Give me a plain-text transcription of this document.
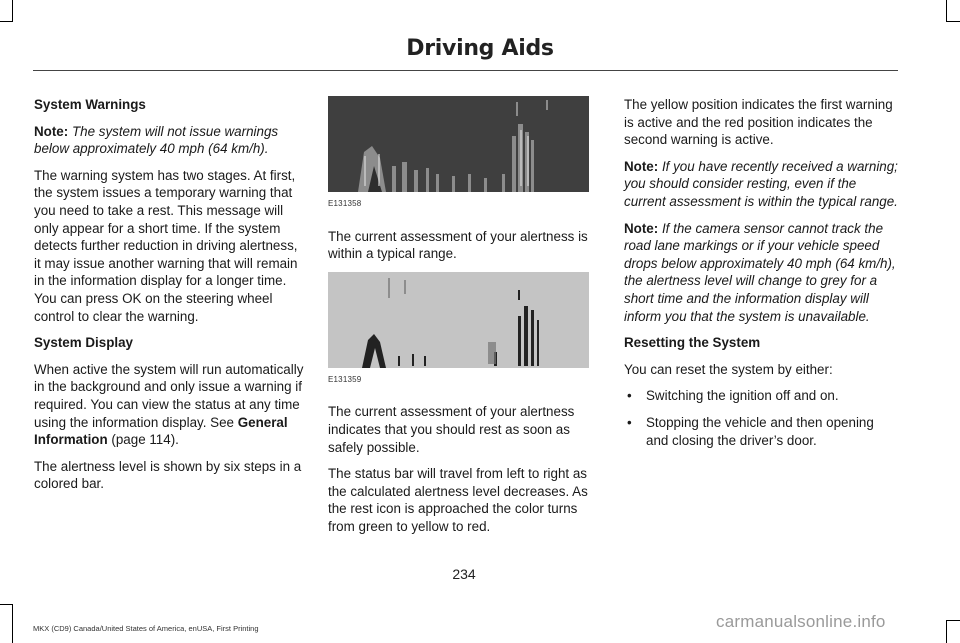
Driving Aids
System Warnings

Note: The system will not issue warnings below approximately 40 mph (64 km/h).

The warning system has two stages. At first, the system issues a temporary warning that you need to take a rest. This message will only appear for a short time. If the system detects further reduction in driving alertness, it may issue another warning that will remain in the information display for a longer time. You can press OK on the steering wheel control to clear the warning.

System Display

When active the system will run automatically in the background and only issue a warning if required. You can view the status at any time using the information display. See General Information (page 114).

The alertness level is shown by six steps in a colored bar.

E131358

The current assessment of your alertness is within a typical range.

E131359

The current assessment of your alertness indicates that you should rest as soon as safely possible.

The status bar will travel from left to right as the calculated alertness level decreases. As the rest icon is approached the color turns from green to yellow to red.

The yellow position indicates the first warning is active and the red position indicates the second warning is active.

Note: If you have recently received a warning; you should consider resting, even if the current assessment is within the typical range.

Note: If the camera sensor cannot track the road lane markings or if your vehicle speed drops below approximately 40 mph (64 km/h), the alertness level will change to grey for a short time and the information display will inform you that the system is unavailable.

Resetting the System

You can reset the system by either:

• Switching the ignition off and on.
• Stopping the vehicle and then opening and closing the driver’s door.
234
MKX (CD9) Canada/United States of America, enUSA, First Printing	carmanualsonline.info
